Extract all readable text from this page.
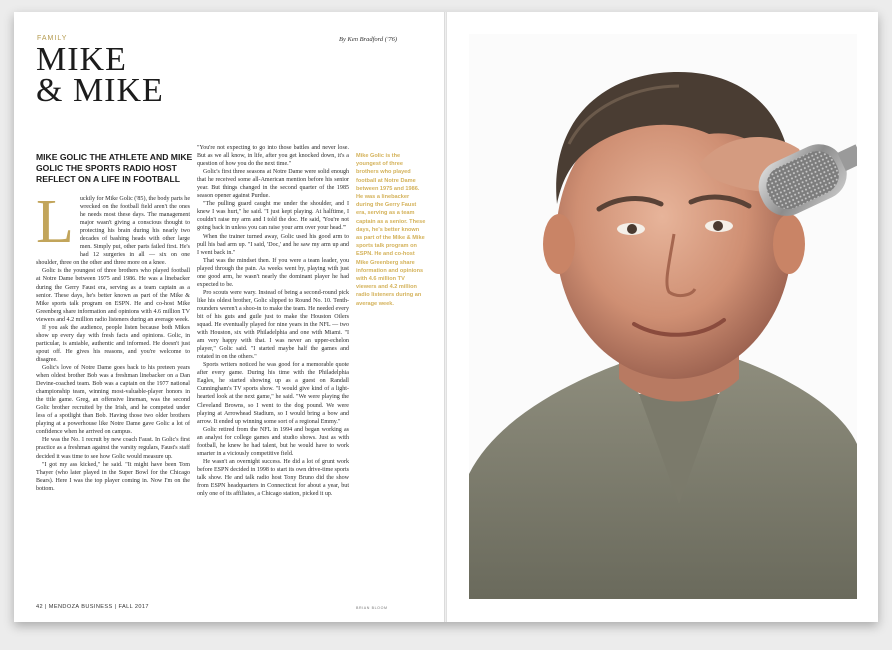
FAMILY
MIKE
& MIKE
By Ken Bradford ('76)
MIKE GOLIC THE ATHLETE AND MIKE GOLIC THE SPORTS RADIO HOST REFLECT ON A LIFE IN FOOTBALL

Luckily for Mike Golic ('85), the body parts he wrecked on the football field aren't the ones he needs most these days. The management major wasn't giving a conscious thought to protecting his brain during his nearly two decades of bashing heads with other large men. Simply put, other parts failed first. He's had 12 surgeries in all — six on one shoulder, three on the other and three more on a knee.

Golic is the youngest of three brothers who played football at Notre Dame between 1975 and 1986. He was a linebacker during the Gerry Faust era, serving as a team captain as a senior. These days, he's better known as part of the Mike & Mike sports talk program on ESPN. He and co-host Mike Greenberg share information and opinions with 4.6 million TV viewers and 4.2 million radio listeners during an average week.

If you ask the audience, people listen because both Mikes show up every day with fresh facts and opinions. Golic, in particular, is amiable, authentic and informed. He doesn't just spout off. He gives his reasons, and you're welcome to disagree.

Golic's love of Notre Dame goes back to his preteen years when oldest brother Bob was a freshman linebacker on a Dan Devine-coached team. Bob was a captain on the 1977 national championship team, winning most-valuable-player honors in the title game. Greg, an offensive lineman, was the second Golic brother recruited by the Irish, and he competed under less of a spotlight than Bob. Having those two older brothers playing at a powerhouse like Notre Dame gave Golic a lot of confidence when he arrived on campus.

He was the No. 1 recruit by new coach Faust. In Golic's first practice as a freshman against the varsity regulars, Faust's staff decided it was time to see how Golic would measure up.

"I got my ass kicked," he said. "It might have been Tom Thayer (who later played in the Super Bowl for the Chicago Bears). Here I was the top player coming in. Now I'm on the bottom.

"You're not expecting to go into those battles and never lose. But as we all know, in life, after you get knocked down, it's a question of how you do the next time."

Golic's first three seasons at Notre Dame were solid enough that he received some all-American mention before his senior year. But things changed in the second quarter of the 1985 season opener against Purdue.

"The pulling guard caught me under the shoulder, and I knew I was hurt," he said. "I just kept playing. At halftime, I couldn't raise my arm and I told the doc. He said, 'You're not going back in unless you can raise your arm over your head.'"

When the trainer turned away, Golic used his good arm to pull his bad arm up. "I said, 'Doc,' and he saw my arm up and I went back in."

That was the mindset then. If you were a team leader, you played through the pain. As weeks went by, playing with just one good arm, he wasn't nearly the dominant player he had expected to be.

Pro scouts were wary. Instead of being a second-round pick like his oldest brother, Golic slipped to Round No. 10. Tenth-rounders weren't a shoo-in to make the team. He needed every bit of his guts and guile just to make the Houston Oilers squad. He eventually played for nine years in the NFL — two with Houston, six with Philadelphia and one with Miami. "I am very happy with that. I was never an upper-echelon player," Golic said. "I started maybe half the games and rotated in on the others."

Sports writers noticed he was good for a memorable quote after every game. During his time with the Philadelphia Eagles, he started showing up as a guest on Randall Cunningham's TV sports show. "I would give kind of a light-hearted look at the next game," he said. "We were playing the Cleveland Browns, so I went to the dog pound. We were playing at Arrowhead Stadium, so I would bring a bow and arrow. It ended up winning some sort of a regional Emmy."

Golic retired from the NFL in 1994 and began working as an analyst for college games and studio shows. Just as with football, he knew he had talent, but he would have to work smarter in a viciously competitive field.

He wasn't an overnight success. He did a lot of grunt work before ESPN decided in 1998 to start its own drive-time sports talk show. He and talk radio host Tony Bruno did the show from ESPN headquarters in Connecticut for about a year, but only one of its affiliates, a Chicago station, picked it up.

Mike Golic is the youngest of three brothers who played football at Notre Dame between 1975 and 1986. He was a linebacker during the Gerry Faust era, serving as a team captain as a senior. These days, he's better known as part of the Mike & Mike sports talk program on ESPN. He and co-host Mike Greenberg share information and opinions with 4.6 million TV viewers and 4.2 million radio listeners during an average week.
42 | MENDOZA BUSINESS | FALL 2017	BRIAN BLOOM
